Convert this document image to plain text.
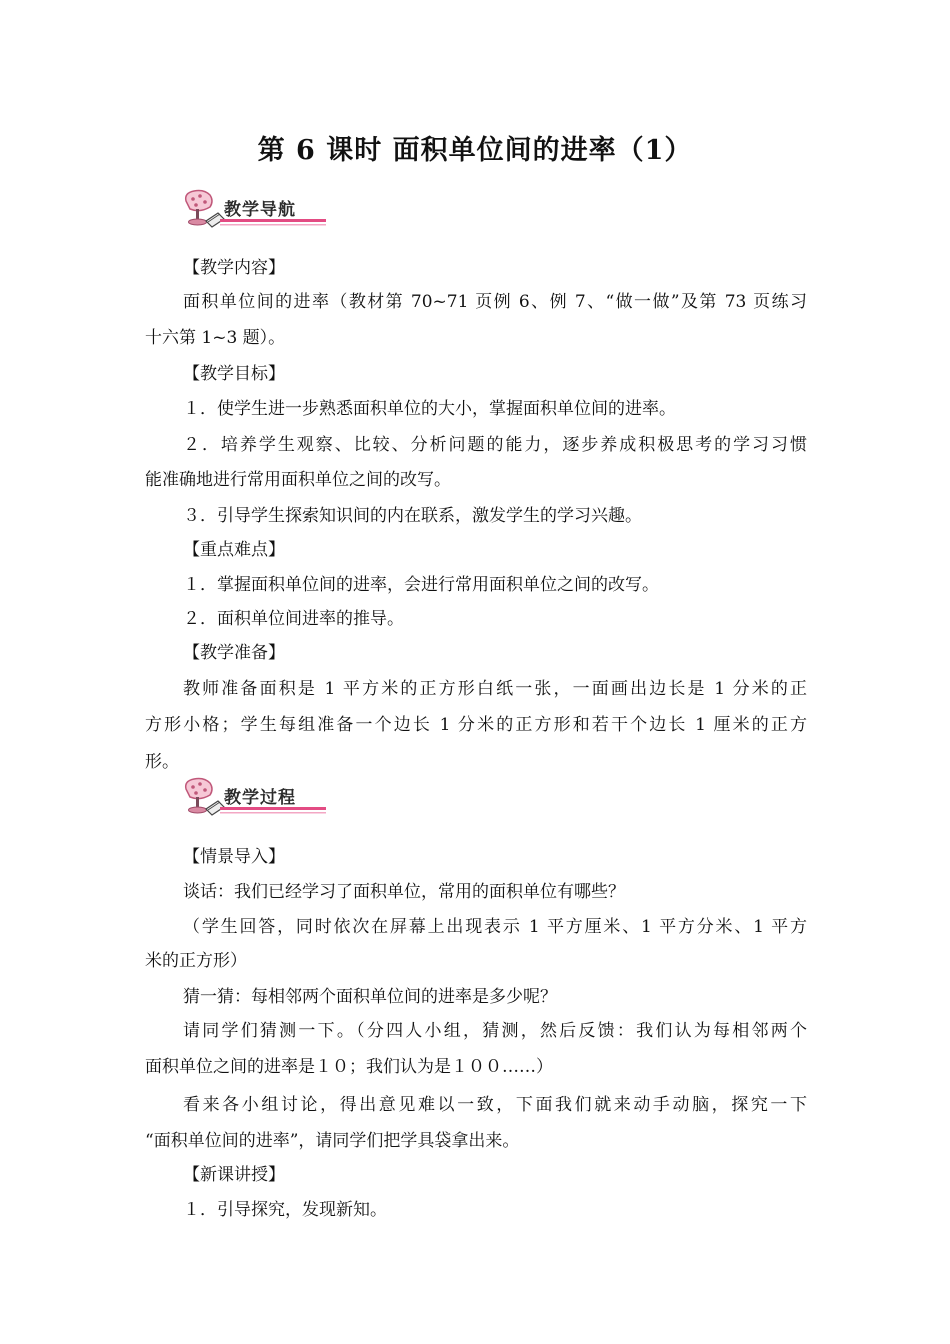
第 6 课时 面积单位间的进率（1）
教学导航
【教学内容】
面积单位间的进率（教材第 70~71 页例 6、例 7、“做一做”及第 73 页练习
十六第 1~3 题）。
【教学目标】
１．使学生进一步熟悉面积单位的大小，掌握面积单位间的进率。
２．培养学生观察、比较、分析问题的能力，逐步养成积极思考的学习习惯
能准确地进行常用面积单位之间的改写。
３．引导学生探索知识间的内在联系，激发学生的学习兴趣。
【重点难点】
１．掌握面积单位间的进率，会进行常用面积单位之间的改写。
２．面积单位间进率的推导。
【教学准备】
教师准备面积是 1 平方米的正方形白纸一张，一面画出边长是 1 分米的正
方形小格；学生每组准备一个边长 1 分米的正方形和若干个边长 1 厘米的正方
形。
教学过程
【情景导入】
谈话：我们已经学习了面积单位，常用的面积单位有哪些？
（学生回答，同时依次在屏幕上出现表示 1 平方厘米、1 平方分米、1 平方
米的正方形）
猜一猜：每相邻两个面积单位间的进率是多少呢？
请同学们猜测一下。（分四人小组，猜测，然后反馈：我们认为每相邻两个
面积单位之间的进率是１０；我们认为是１００……）
看来各小组讨论，得出意见难以一致，下面我们就来动手动脑，探究一下
“面积单位间的进率”，请同学们把学具袋拿出来。
【新课讲授】
１．引导探究，发现新知。
